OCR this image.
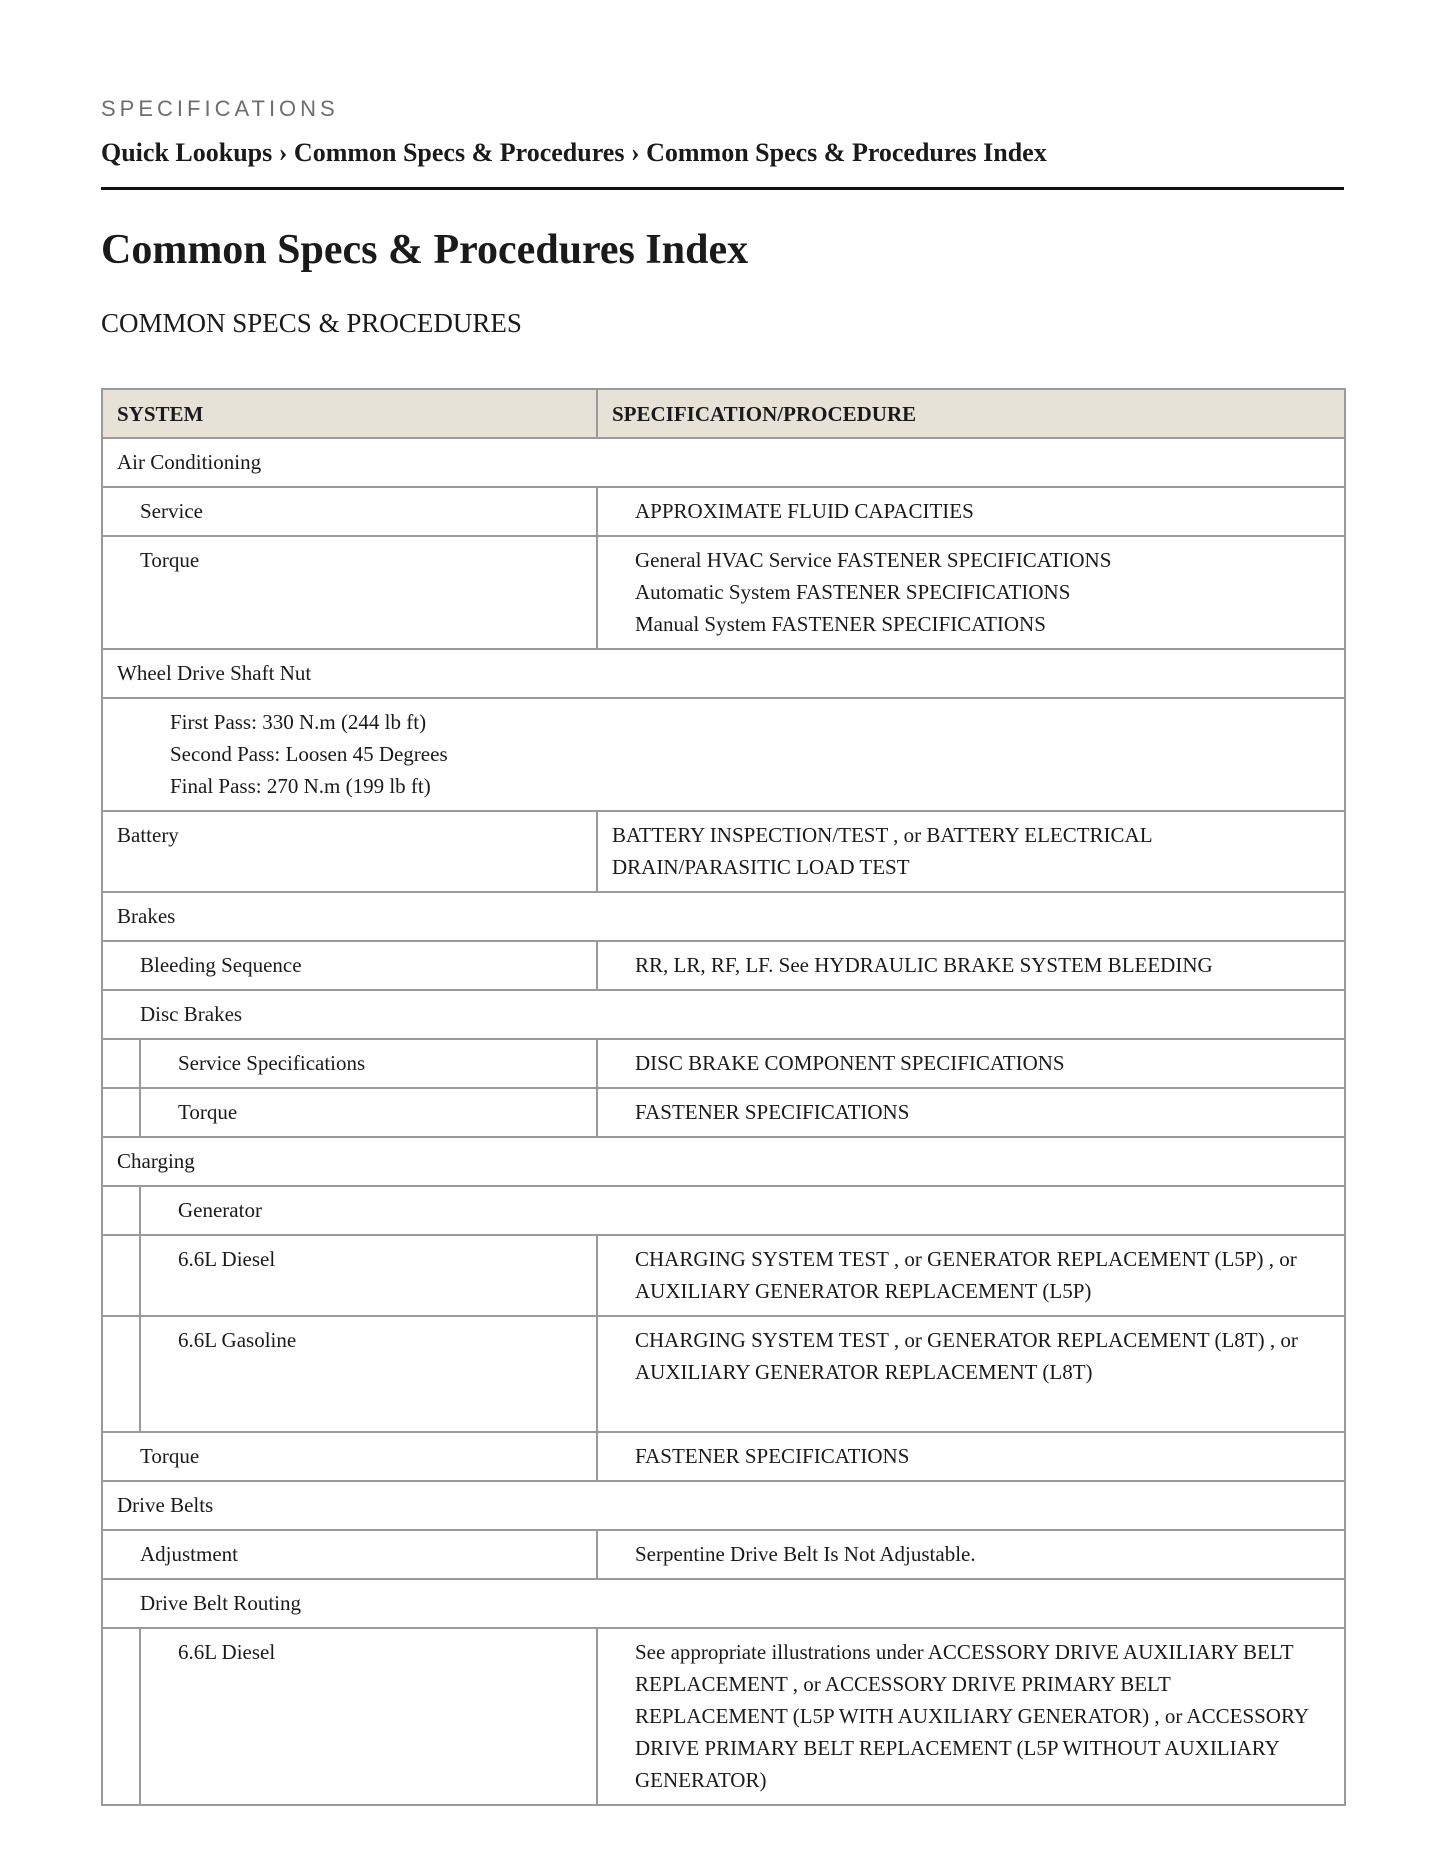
SPECIFICATIONS

Quick Lookups › Common Specs & Procedures › Common Specs & Procedures Index
Common Specs & Procedures Index
COMMON SPECS & PROCEDURES
SYSTEM	SPECIFICATION/PROCEDURE

Air Conditioning	

Service	APPROXIMATE FLUID CAPACITIES

Torque	General HVAC Service FASTENER SPECIFICATIONS
Automatic System FASTENER SPECIFICATIONS
Manual System FASTENER SPECIFICATIONS

Wheel Drive Shaft Nut	

First Pass: 330 N.m (244 lb ft)
Second Pass: Loosen 45 Degrees
Final Pass: 270 N.m (199 lb ft)	

Battery	BATTERY INSPECTION/TEST , or BATTERY ELECTRICAL
DRAIN/PARASITIC LOAD TEST

Brakes	

Bleeding Sequence	RR, LR, RF, LF. See HYDRAULIC BRAKE SYSTEM BLEEDING

Disc Brakes	

Service Specifications	DISC BRAKE COMPONENT SPECIFICATIONS

Torque	FASTENER SPECIFICATIONS

Charging	

Generator	

6.6L Diesel	CHARGING SYSTEM TEST , or GENERATOR REPLACEMENT (L5P) , or
AUXILIARY GENERATOR REPLACEMENT (L5P)

6.6L Gasoline	CHARGING SYSTEM TEST , or GENERATOR REPLACEMENT (L8T) , or
AUXILIARY GENERATOR REPLACEMENT (L8T)

Torque	FASTENER SPECIFICATIONS

Drive Belts	

Adjustment	Serpentine Drive Belt Is Not Adjustable.

Drive Belt Routing	

6.6L Diesel	See appropriate illustrations under ACCESSORY DRIVE AUXILIARY BELT
REPLACEMENT , or ACCESSORY DRIVE PRIMARY BELT
REPLACEMENT (L5P WITH AUXILIARY GENERATOR) , or ACCESSORY
DRIVE PRIMARY BELT REPLACEMENT (L5P WITHOUT AUXILIARY
GENERATOR)
